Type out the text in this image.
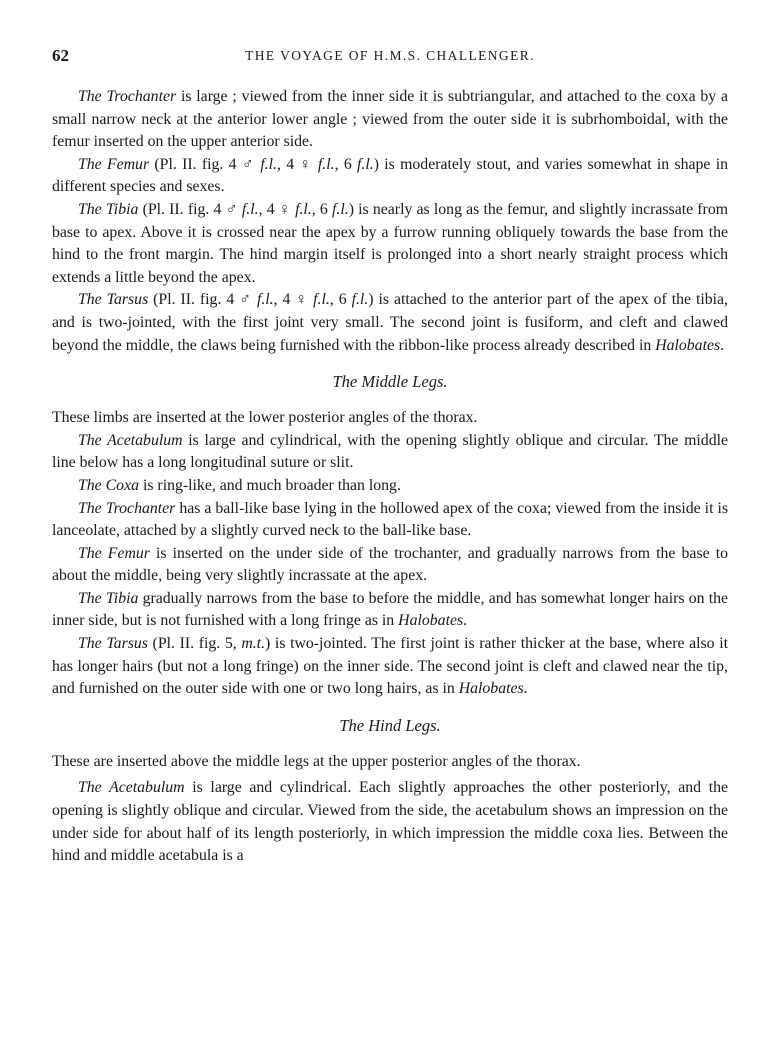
62	THE VOYAGE OF H.M.S. CHALLENGER.

The Trochanter is large ; viewed from the inner side it is subtriangular, and attached to the coxa by a small narrow neck at the anterior lower angle ; viewed from the outer side it is subrhomboidal, with the femur inserted on the upper anterior side.

The Femur (Pl. II. fig. 4 ♂ f.l., 4 ♀ f.l., 6 f.l.) is moderately stout, and varies somewhat in shape in different species and sexes.

The Tibia (Pl. II. fig. 4 ♂ f.l., 4 ♀ f.l., 6 f.l.) is nearly as long as the femur, and slightly incrassate from base to apex. Above it is crossed near the apex by a furrow running obliquely towards the base from the hind to the front margin. The hind margin itself is prolonged into a short nearly straight process which extends a little beyond the apex.

The Tarsus (Pl. II. fig. 4 ♂ f.l., 4 ♀ f.l., 6 f.l.) is attached to the anterior part of the apex of the tibia, and is two-jointed, with the first joint very small. The second joint is fusiform, and cleft and clawed beyond the middle, the claws being furnished with the ribbon-like process already described in Halobates.

The Middle Legs.

These limbs are inserted at the lower posterior angles of the thorax.

The Acetabulum is large and cylindrical, with the opening slightly oblique and circular. The middle line below has a long longitudinal suture or slit.

The Coxa is ring-like, and much broader than long.

The Trochanter has a ball-like base lying in the hollowed apex of the coxa; viewed from the inside it is lanceolate, attached by a slightly curved neck to the ball-like base.

The Femur is inserted on the under side of the trochanter, and gradually narrows from the base to about the middle, being very slightly incrassate at the apex.

The Tibia gradually narrows from the base to before the middle, and has somewhat longer hairs on the inner side, but is not furnished with a long fringe as in Halobates.

The Tarsus (Pl. II. fig. 5, m.t.) is two-jointed. The first joint is rather thicker at the base, where also it has longer hairs (but not a long fringe) on the inner side. The second joint is cleft and clawed near the tip, and furnished on the outer side with one or two long hairs, as in Halobates.

The Hind Legs.

These are inserted above the middle legs at the upper posterior angles of the thorax.

The Acetabulum is large and cylindrical. Each slightly approaches the other posteriorly, and the opening is slightly oblique and circular. Viewed from the side, the acetabulum shows an impression on the under side for about half of its length posteriorly, in which impression the middle coxa lies. Between the hind and middle acetabula is a
